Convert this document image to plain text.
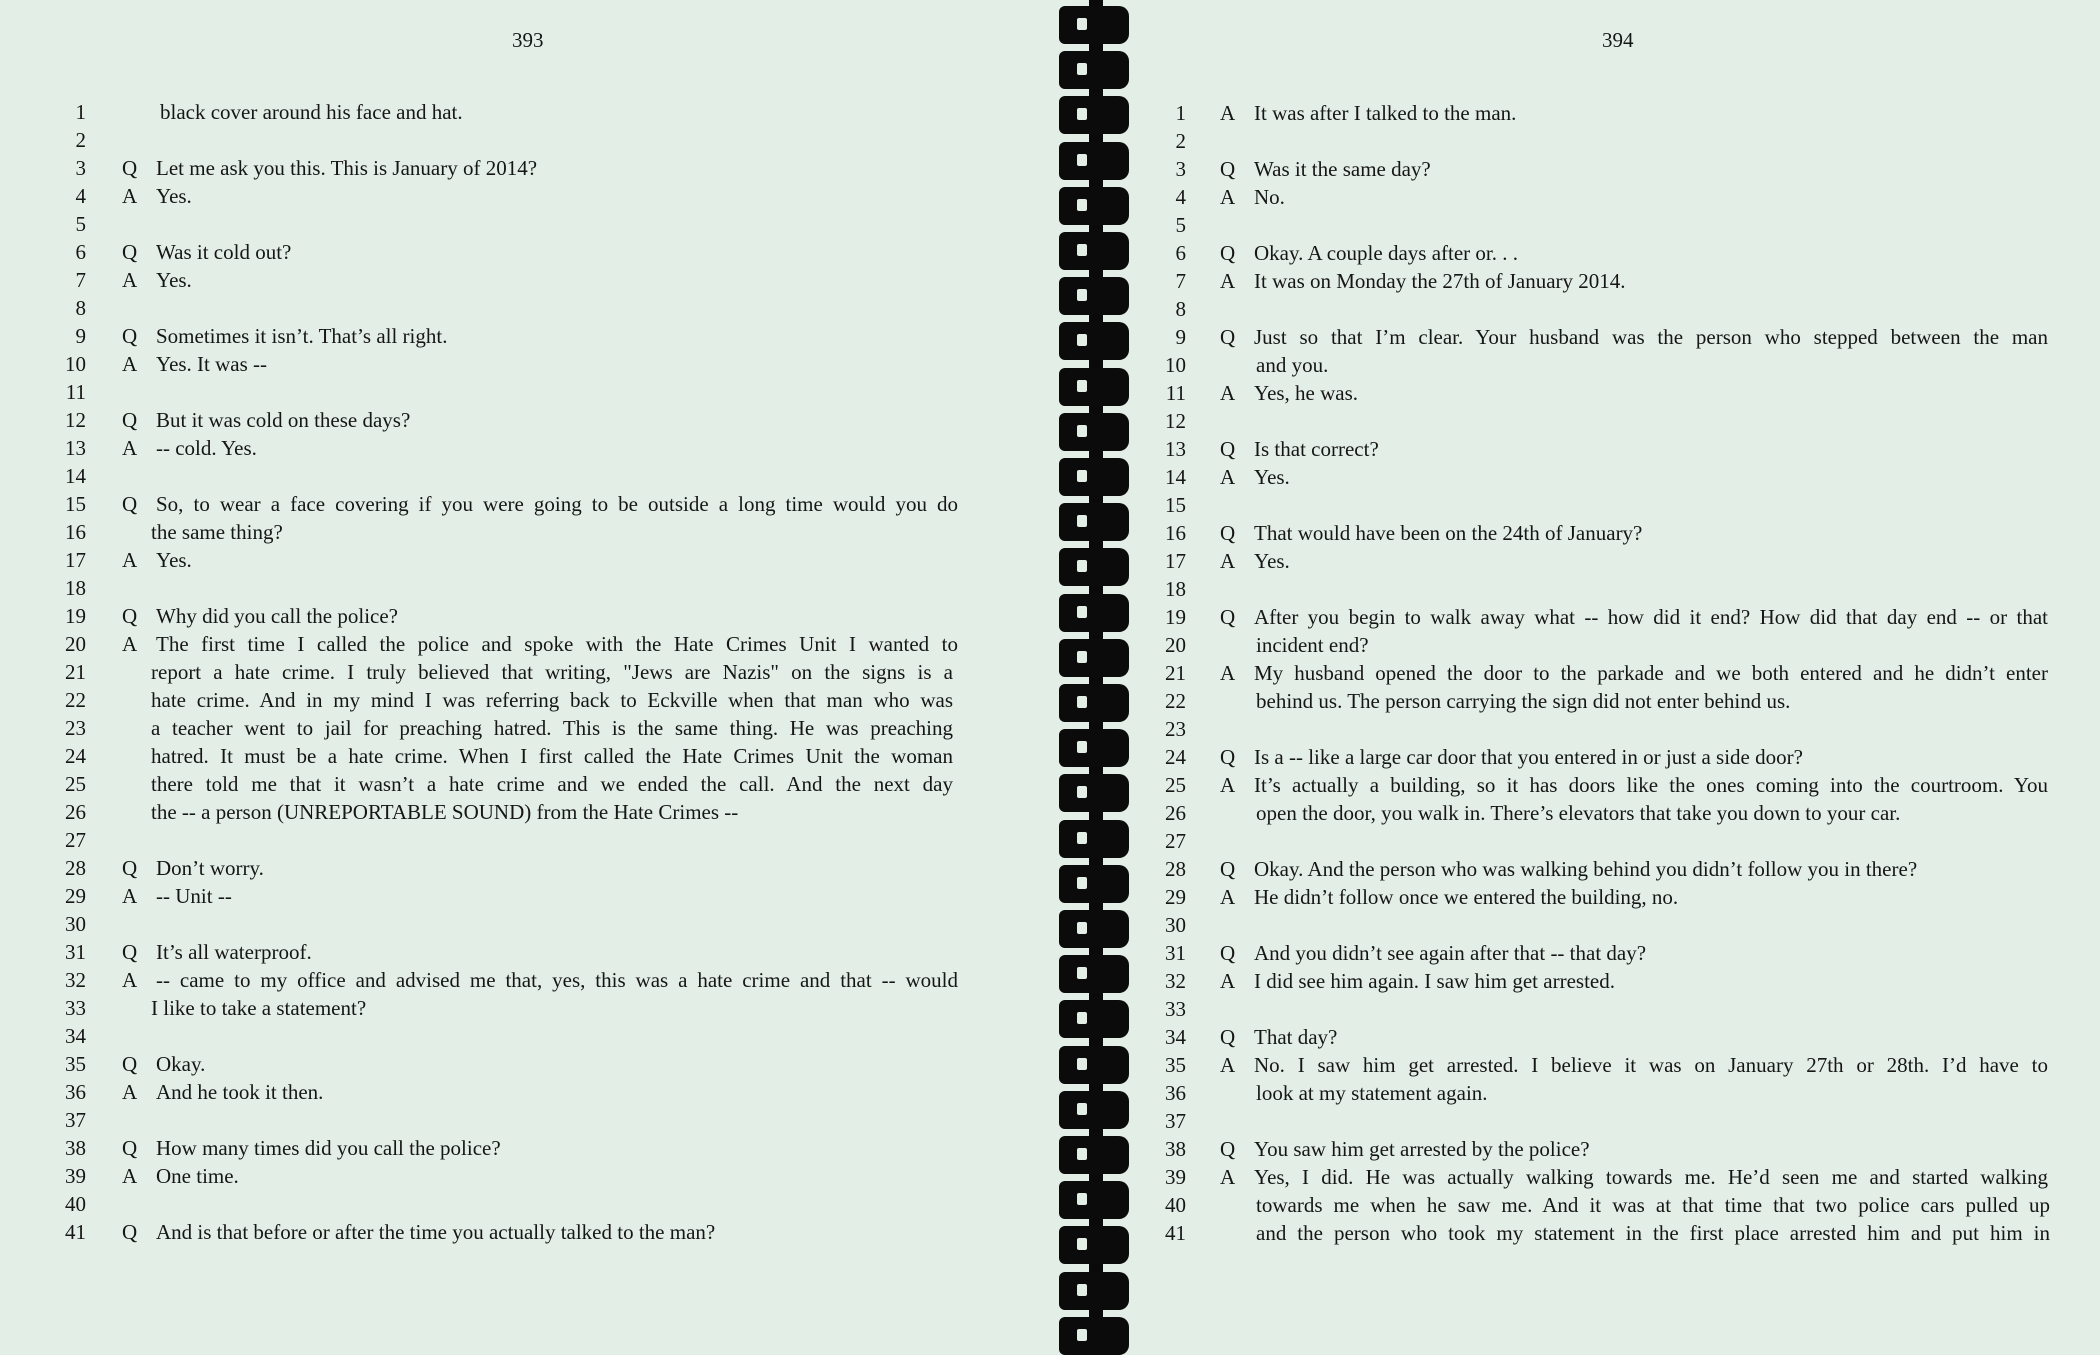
393
1	black cover around his face and hat.
2
3 Q Let me ask you this. This is January of 2014?
4 A Yes.
5
6 Q Was it cold out?
7 A Yes.
8
9 Q Sometimes it isn’t. That’s all right.
10 A Yes. It was --
11
12 Q But it was cold on these days?
13 A -- cold. Yes.
14
15 Q So, to wear a face covering if you were going to be outside a long time would you do
16	the same thing?
17 A Yes.
18
19 Q Why did you call the police?
20 A The first time I called the police and spoke with the Hate Crimes Unit I wanted to
21	report a hate crime. I truly believed that writing, "Jews are Nazis" on the signs is a
22	hate crime. And in my mind I was referring back to Eckville when that man who was
23	a teacher went to jail for preaching hatred. This is the same thing. He was preaching
24	hatred. It must be a hate crime. When I first called the Hate Crimes Unit the woman
25	there told me that it wasn’t a hate crime and we ended the call. And the next day
26	the -- a person (UNREPORTABLE SOUND) from the Hate Crimes --
27
28 Q Don’t worry.
29 A -- Unit --
30
31 Q It’s all waterproof.
32 A -- came to my office and advised me that, yes, this was a hate crime and that -- would
33	I like to take a statement?
34
35 Q Okay.
36 A And he took it then.
37
38 Q How many times did you call the police?
39 A One time.
40
41 Q And is that before or after the time you actually talked to the man?
394
1 A It was after I talked to the man.
2
3 Q Was it the same day?
4 A No.
5
6 Q Okay. A couple days after or. . .
7 A It was on Monday the 27th of January 2014.
8
9 Q Just so that I’m clear. Your husband was the person who stepped between the man
10	and you.
11 A Yes, he was.
12
13 Q Is that correct?
14 A Yes.
15
16 Q That would have been on the 24th of January?
17 A Yes.
18
19 Q After you begin to walk away what -- how did it end? How did that day end -- or that
20	incident end?
21 A My husband opened the door to the parkade and we both entered and he didn’t enter
22	behind us. The person carrying the sign did not enter behind us.
23
24 Q Is a -- like a large car door that you entered in or just a side door?
25 A It’s actually a building, so it has doors like the ones coming into the courtroom. You
26	open the door, you walk in. There’s elevators that take you down to your car.
27
28 Q Okay. And the person who was walking behind you didn’t follow you in there?
29 A He didn’t follow once we entered the building, no.
30
31 Q And you didn’t see again after that -- that day?
32 A I did see him again. I saw him get arrested.
33
34 Q That day?
35 A No. I saw him get arrested. I believe it was on January 27th or 28th. I’d have to
36	look at my statement again.
37
38 Q You saw him get arrested by the police?
39 A Yes, I did. He was actually walking towards me. He’d seen me and started walking
40	towards me when he saw me. And it was at that time that two police cars pulled up
41	and the person who took my statement in the first place arrested him and put him in
